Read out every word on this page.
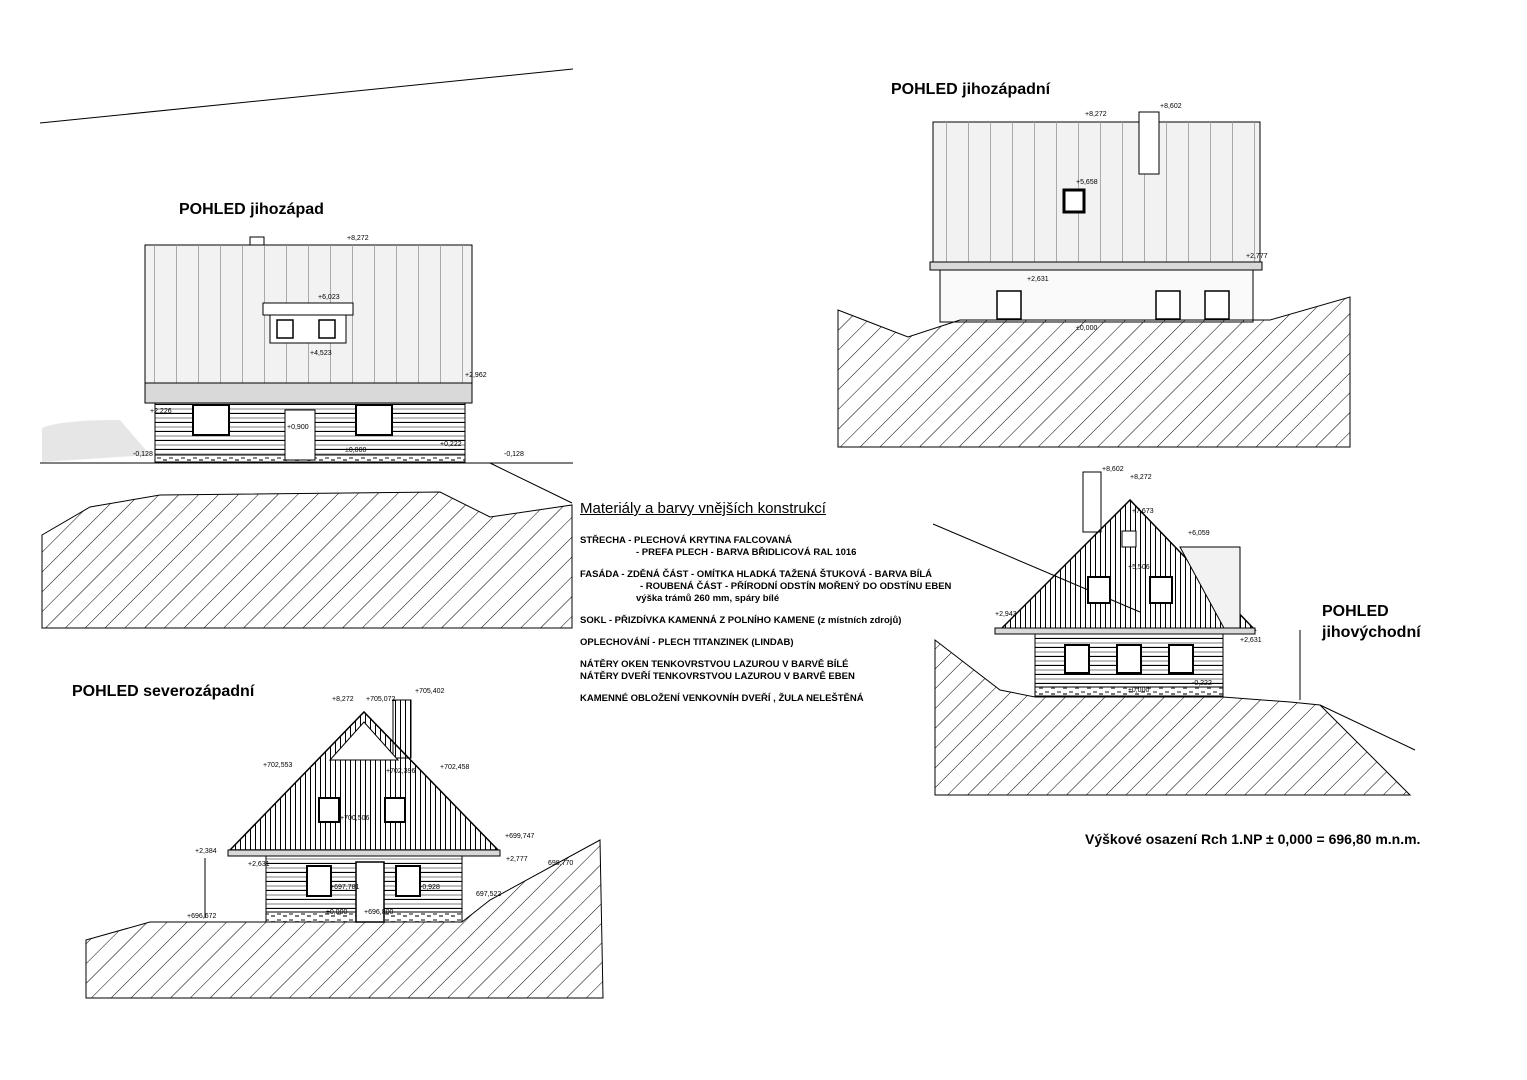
+8,272
+6,023
+4,523
+2,962
+2,226
+0,900
+0,222
-0,128
±0,000
-0,128
+8,602
+8,272
+5,658
+2,777
+2,631
±0,000
+8,602
+8,272
+7,673
+6,059
+5,506
+2,943
+2,631
-0,222
±0,000
+8,272 +705,072
+705,402
+702,553
+702,396
+702,458
+700,506
+699,747
+2,384
+2,631
+2,777
698,770
+697,781	-0,928
697,522
+696,672
±0,000 +696,800
POHLED jihozápad
POHLED jihozápadní
POHLED
jihovýchodní
POHLED severozápadní
Materiály a barvy vnějších konstrukcí
STŘECHA - PLECHOVÁ KRYTINA FALCOVANÁ
- PREFA PLECH - BARVA BŘIDLICOVÁ RAL 1016
FASÁDA - ZDĚNÁ ČÁST - OMÍTKA HLADKÁ TAŽENÁ ŠTUKOVÁ - BARVA BÍLÁ
- ROUBENÁ ČÁST - PŘÍRODNÍ ODSTÍN MOŘENÝ DO ODSTÍNU EBEN
výška trámů 260 mm, spáry bílé
SOKL - PŘIZDÍVKA KAMENNÁ Z POLNÍHO KAMENE (z místních zdrojů)
OPLECHOVÁNÍ - PLECH TITANZINEK (LINDAB)
NÁTĚRY OKEN TENKOVRSTVOU LAZUROU V BARVĚ BÍLÉ
NÁTĚRY DVEŘÍ TENKOVRSTVOU LAZUROU V BARVĚ EBEN
KAMENNÉ OBLOŽENÍ VENKOVNÍH DVEŘÍ , ŽULA NELEŠTĚNÁ
Výškové osazení Rch 1.NP ± 0,000 = 696,80 m.n.m.
